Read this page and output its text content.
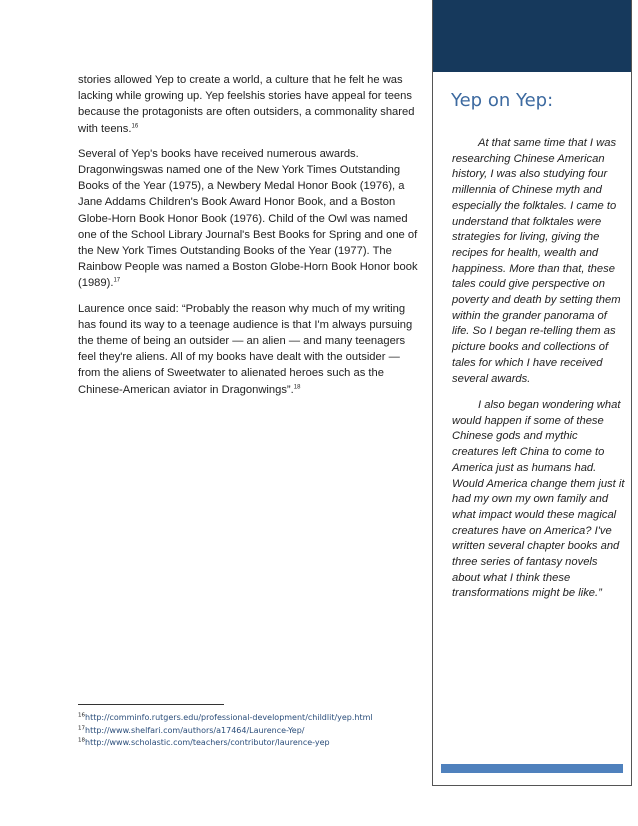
stories allowed Yep to create a world, a culture that he felt he was lacking while growing up. Yep feelshis stories have appeal for teens because the protagonists are often outsiders, a commonality shared with teens.$^{16}$

Several of Yep's books have received numerous awards. Dragonwingswas named one of the New York Times Outstanding Books of the Year (1975), a Newbery Medal Honor Book (1976), a Jane Addams Children's Book Award Honor Book, and a Boston Globe-Horn Book Honor Book (1976). Child of the Owl was named one of the School Library Journal's Best Books for Spring and one of the New York Times Outstanding Books of the Year (1977). The Rainbow People was named a Boston Globe-Horn Book Honor book (1989).$^{17}$

Laurence once said: “Probably the reason why much of my writing has found its way to a teenage audience is that I'm always pursuing the theme of being an outsider — an alien — and many teenagers feel they're aliens. All of my books have dealt with the outsider — from the aliens of Sweetwater to alienated heroes such as the Chinese-American aviator in Dragonwings”.$^{18}$

Yep on Yep:

At that same time that I was researching Chinese American history, I was also studying four millennia of Chinese myth and especially the folktales. I came to understand that folktales were strategies for living, giving the recipes for health, wealth and happiness. More than that, these tales could give perspective on poverty and death by setting them within the grander panorama of life. So I began re-telling them as picture books and collections of tales for which I have received several awards.

I also began wondering what would happen if some of these Chinese gods and mythic creatures left China to come to America just as humans had. Would America change them just it had my own my own family and what impact would these magical creatures have on America? I've written several chapter books and three series of fantasy novels about what I think these transformations might be like.”

$^{16}$http://comminfo.rutgers.edu/professional-development/childlit/yep.html
$^{17}$http://www.shelfari.com/authors/a17464/Laurence-Yep/
$^{18}$http://www.scholastic.com/teachers/contributor/laurence-yep
